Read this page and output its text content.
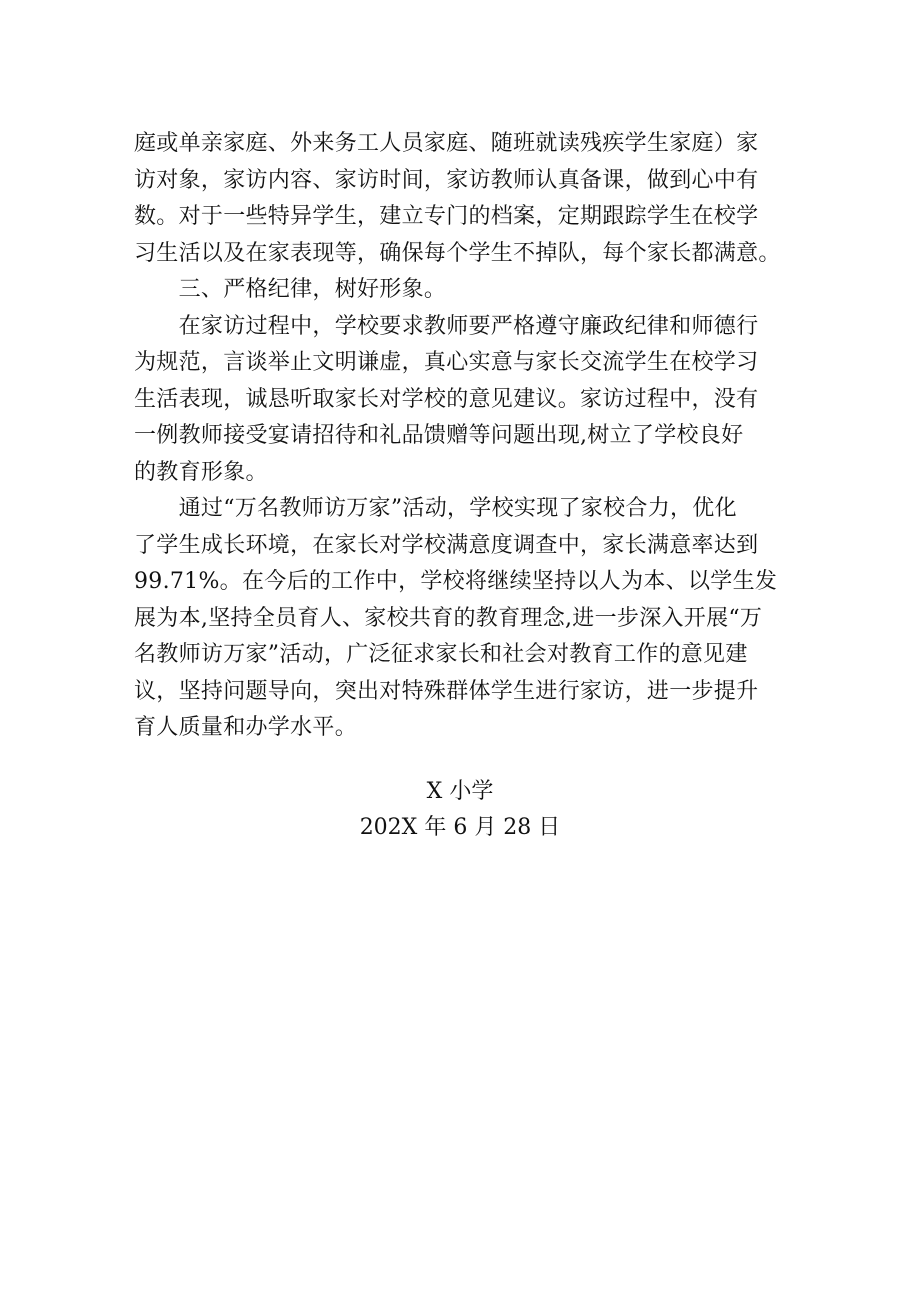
庭或单亲家庭、外来务工人员家庭、随班就读残疾学生家庭）家

访对象，家访内容、家访时间，家访教师认真备课，做到心中有

数。对于一些特异学生，建立专门的档案，定期跟踪学生在校学

习生活以及在家表现等，确保每个学生不掉队，每个家长都满意。

　　三、严格纪律，树好形象。

　　在家访过程中，学校要求教师要严格遵守廉政纪律和师德行

为规范，言谈举止文明谦虚，真心实意与家长交流学生在校学习

生活表现，诚恳听取家长对学校的意见建议。家访过程中，没有

一例教师接受宴请招待和礼品馈赠等问题出现,树立了学校良好

的教育形象。

　　通过“万名教师访万家”活动，学校实现了家校合力，优化

了学生成长环境，在家长对学校满意度调查中，家长满意率达到

99.71%。在今后的工作中，学校将继续坚持以人为本、以学生发

展为本,坚持全员育人、家校共育的教育理念,进一步深入开展“万

名教师访万家”活动，广泛征求家长和社会对教育工作的意见建

议，坚持问题导向，突出对特殊群体学生进行家访，进一步提升

育人质量和办学水平。

X 小学
202X 年 6 月 28 日
